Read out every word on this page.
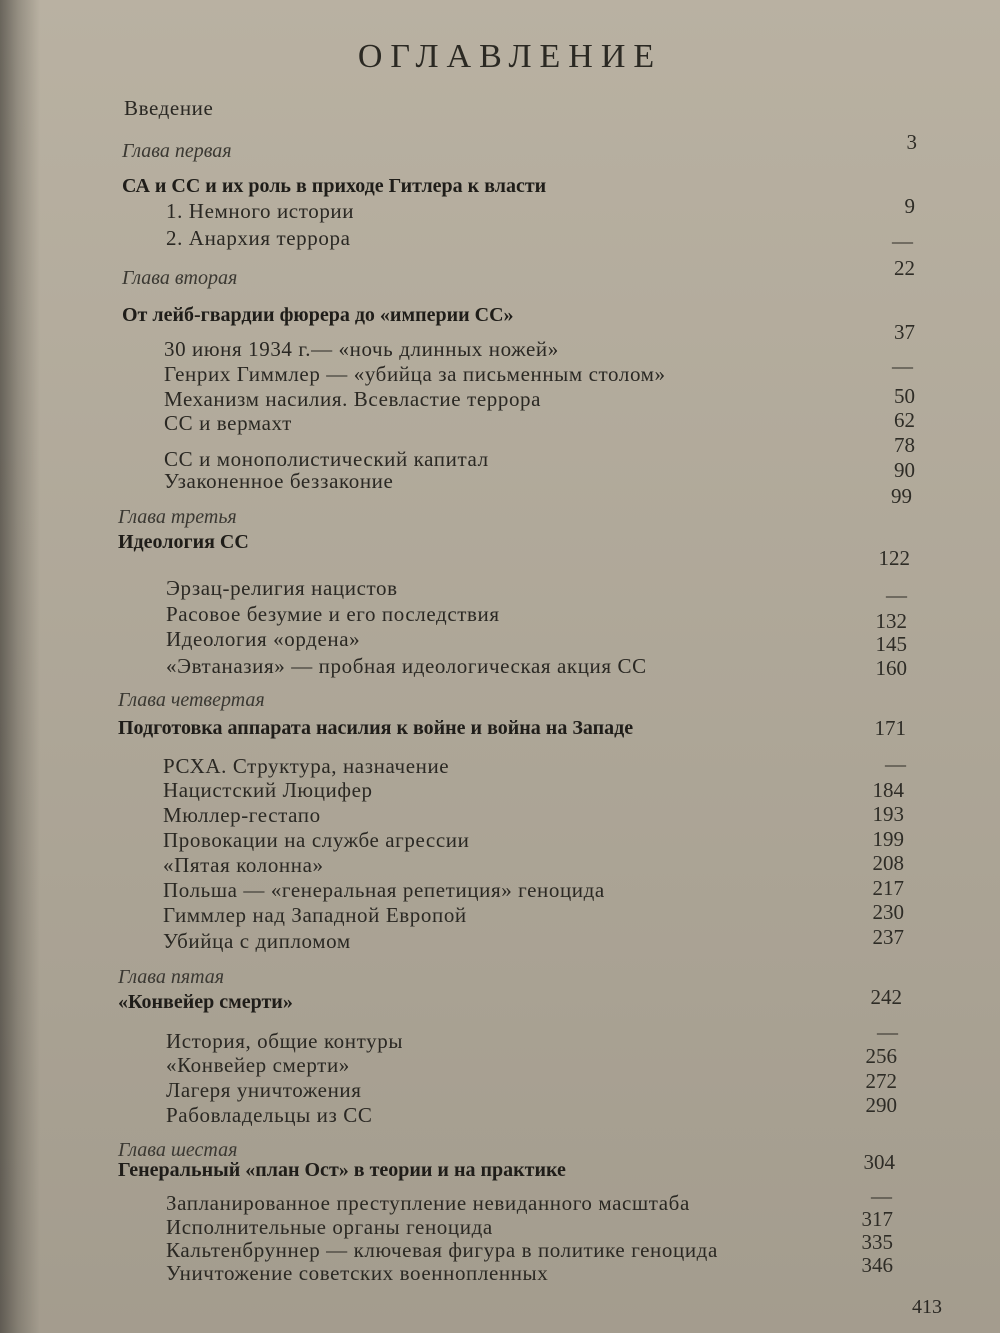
ОГЛАВЛЕНИЕ
Введение
Глава первая
СА и СС и их роль в приходе Гитлера к власти
1. Немного истории
2. Анархия террора
Глава вторая
От лейб-гвардии фюрера до «империи СС»
30 июня 1934 г.— «ночь длинных ножей»
Генрих Гиммлер — «убийца за письменным столом»
Механизм насилия. Всевластие террора
СС и вермахт
СС и монополистический капитал
Узаконенное беззаконие
Глава третья
Идеология СС
Эрзац-религия нацистов
Расовое безумие и его последствия
Идеология «ордена»
«Эвтаназия» — пробная идеологическая акция СС
Глава четвертая
Подготовка аппарата насилия к войне и война на Западе
РСХА. Структура, назначение
Нацистский Люцифер
Мюллер-гестапо
Провокации на службе агрессии
«Пятая колонна»
Польша — «генеральная репетиция» геноцида
Гиммлер над Западной Европой
Убийца с дипломом
Глава пятая
«Конвейер смерти»
История, общие контуры
«Конвейер смерти»
Лагеря уничтожения
Рабовладельцы из СС
Глава шестая
Генеральный «план Ост» в теории и на практике
Запланированное преступление невиданного масштаба
Исполнительные органы геноцида
Кальтенбруннер — ключевая фигура в политике геноцида
Уничтожение советских военнопленных
3
9
—
22
37
—
50
62
78
90
99
122
—
132
145
160
171
—
184
193
199
208
217
230
237
242
—
256
272
290
304
—
317
335
346
413
